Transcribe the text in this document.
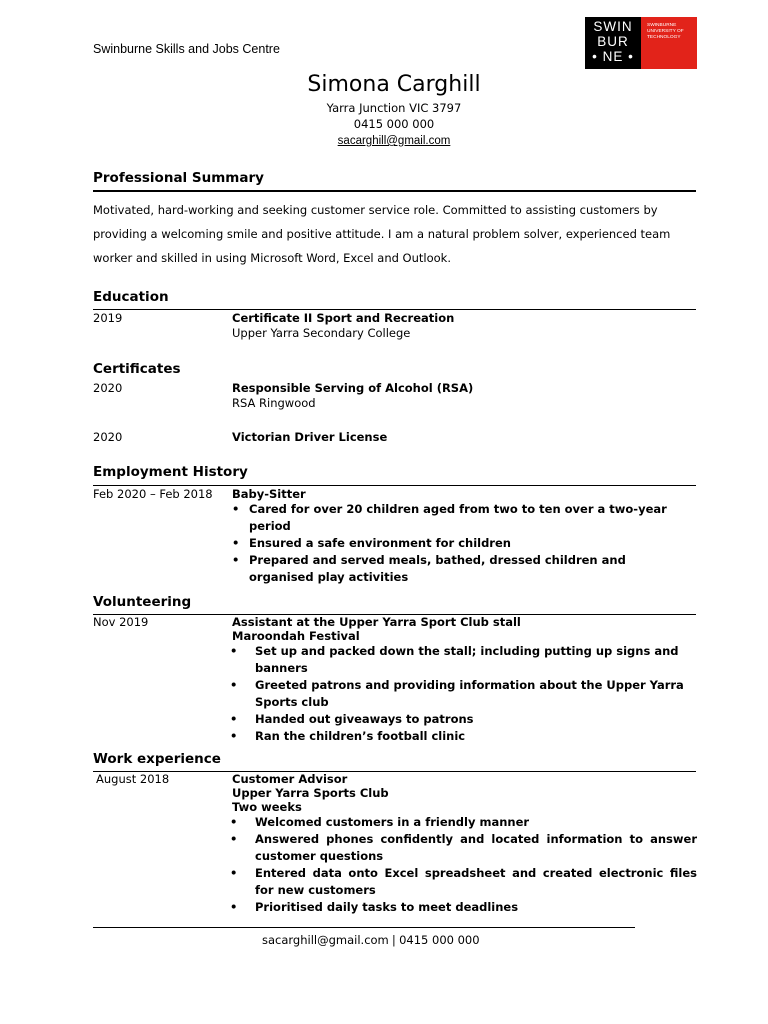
Swinburne Skills and Jobs Centre
SWIN
BUR
• NE •
SWINBURNE
UNIVERSITY OF
TECHNOLOGY
Simona Carghill
Yarra Junction VIC 3797
0415 000 000
sacarghill@gmail.com
Professional Summary
Motivated, hard-working and seeking customer service role. Committed to assisting customers by providing a welcoming smile and positive attitude. I am a natural problem solver, experienced team worker and skilled in using Microsoft Word, Excel and Outlook.
Education
2019	Certificate II Sport and Recreation
Upper Yarra Secondary College
Certificates
2020	Responsible Serving of Alcohol (RSA)
RSA Ringwood
2020	Victorian Driver License
Employment History
Feb 2020 – Feb 2018 Baby-Sitter
• Cared for over 20 children aged from two to ten over a two-year period
• Ensured a safe environment for children
• Prepared and served meals, bathed, dressed children and organised play activities
Volunteering
Nov 2019	Assistant at the Upper Yarra Sport Club stall
Maroondah Festival
• Set up and packed down the stall; including putting up signs and banners
• Greeted patrons and providing information about the Upper Yarra Sports club
• Handed out giveaways to patrons
• Ran the children’s football clinic
Work experience
August 2018	Customer Advisor
Upper Yarra Sports Club
Two weeks
• Welcomed customers in a friendly manner
• Answered phones confidently and located information to answer customer questions
• Entered data onto Excel spreadsheet and created electronic files for new customers
• Prioritised daily tasks to meet deadlines
sacarghill@gmail.com | 0415 000 000
